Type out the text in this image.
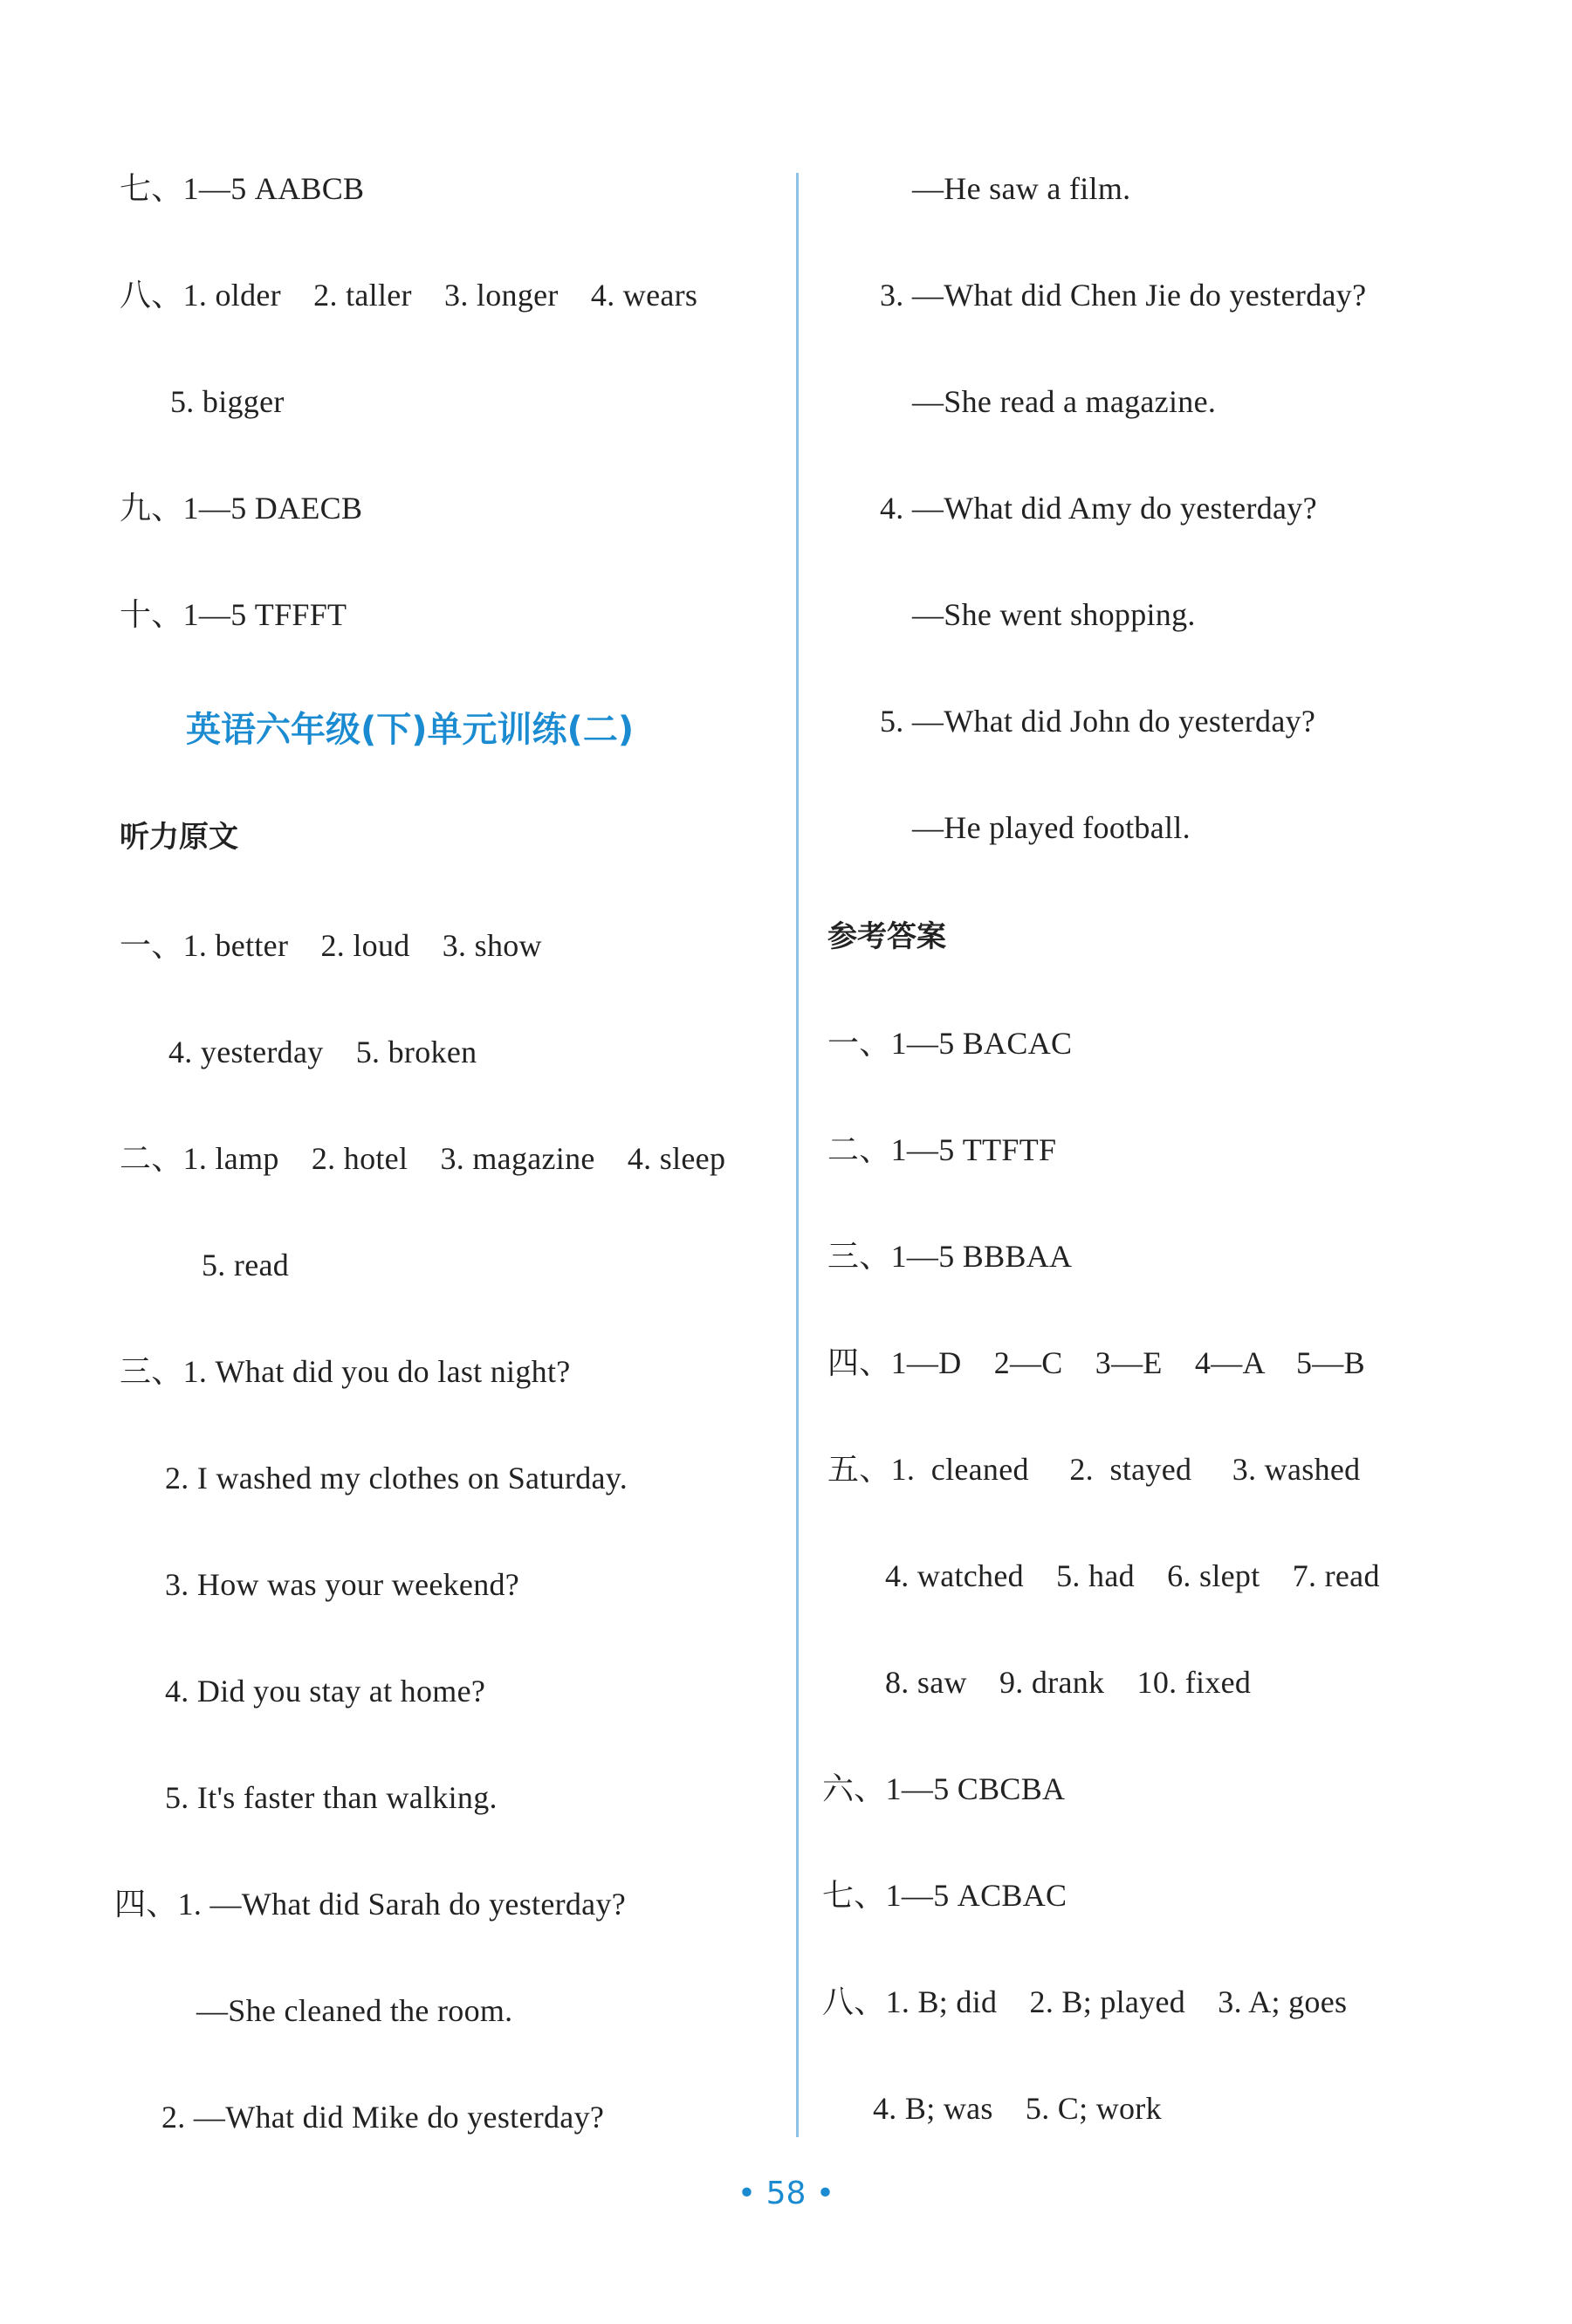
七、1—5 AABCB
八、1. older    2. taller    3. longer    4. wears
5. bigger
九、1—5 DAECB
十、1—5 TFFFT
英语六年级(下)单元训练(二)
听力原文
一、1. better    2. loud    3. show
4. yesterday    5. broken
二、1. lamp    2. hotel    3. magazine    4. sleep
5. read
三、1. What did you do last night?
2. I washed my clothes on Saturday.
3. How was your weekend?
4. Did you stay at home?
5. It's faster than walking.
四、1. —What did Sarah do yesterday?
—She cleaned the room.
2. —What did Mike do yesterday?
—He saw a film.
3. —What did Chen Jie do yesterday?
—She read a magazine.
4. —What did Amy do yesterday?
—She went shopping.
5. —What did John do yesterday?
—He played football.
参考答案
一、1—5 BACAC
二、1—5 TTFTF
三、1—5 BBBAA
四、1—D    2—C    3—E    4—A    5—B
五、1.  cleaned     2.  stayed     3. washed
4. watched    5. had    6. slept    7. read
8. saw    9. drank    10. fixed
六、1—5 CBCBA
七、1—5 ACBAC
八、1. B; did    2. B; played    3. A; goes
4. B; was    5. C; work
• 58 •
